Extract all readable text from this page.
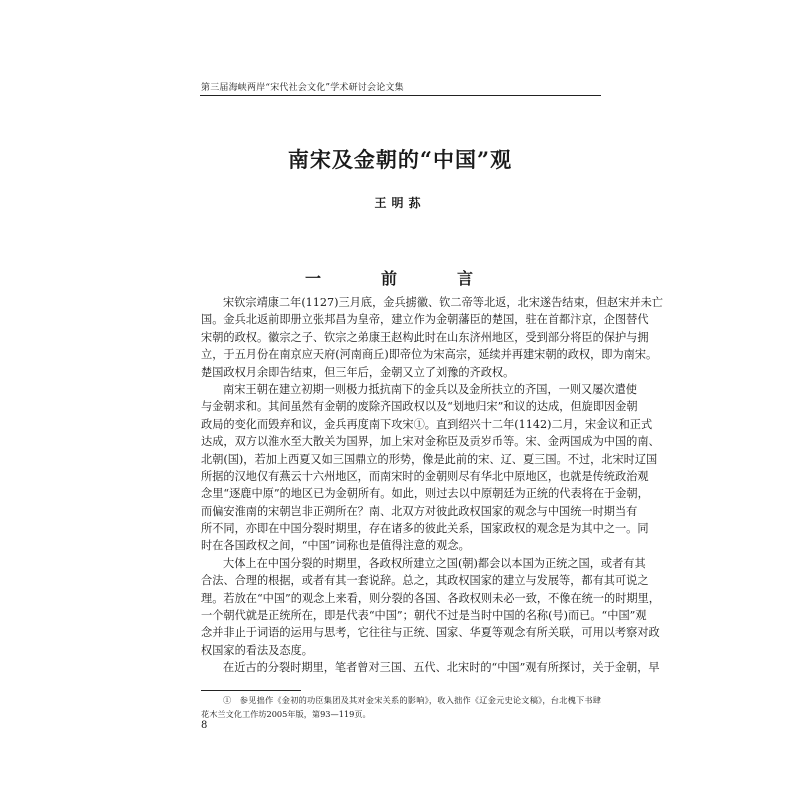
第三届海峡两岸“宋代社会文化”学术研讨会论文集
南宋及金朝的“中国”观
王明荪
一　前　言
宋钦宗靖康二年(1127)三月底，金兵掳徽、钦二帝等北返，北宋遂告结束，但赵宋并未亡
国。金兵北返前即册立张邦昌为皇帝，建立作为金朝藩臣的楚国，驻在首都汴京，企图替代
宋朝的政权。徽宗之子、钦宗之弟康王赵构此时在山东济州地区，受到部分将臣的保护与拥
立，于五月份在南京应天府(河南商丘)即帝位为宋高宗，延续并再建宋朝的政权，即为南宋。
楚国政权月余即告结束，但三年后，金朝又立了刘豫的齐政权。
南宋王朝在建立初期一则极力抵抗南下的金兵以及金所扶立的齐国，一则又屡次遣使
与金朝求和。其间虽然有金朝的废除齐国政权以及“划地归宋”和议的达成，但旋即因金朝
政局的变化而毁弃和议，金兵再度南下攻宋①。直到绍兴十二年(1142)二月，宋金议和正式
达成，双方以淮水至大散关为国界，加上宋对金称臣及贡岁币等。宋、金两国成为中国的南、
北朝(国)，若加上西夏又如三国鼎立的形势，像是此前的宋、辽、夏三国。不过，北宋时辽国
所据的汉地仅有燕云十六州地区，而南宋时的金朝则尽有华北中原地区，也就是传统政治观
念里“逐鹿中原”的地区已为金朝所有。如此，则过去以中原朝廷为正统的代表将在于金朝，
而偏安淮南的宋朝岂非正朔所在？南、北双方对彼此政权国家的观念与中国统一时期当有
所不同，亦即在中国分裂时期里，存在诸多的彼此关系，国家政权的观念是为其中之一。同
时在各国政权之间，“中国”词称也是值得注意的观念。
大体上在中国分裂的时期里，各政权所建立之国(朝)都会以本国为正统之国，或者有其
合法、合理的根据，或者有其一套说辞。总之，其政权国家的建立与发展等，都有其可说之
理。若放在“中国”的观念上来看，则分裂的各国、各政权则未必一致，不像在统一的时期里，
一个朝代就是正统所在，即是代表“中国”；朝代不过是当时中国的名称(号)而已。“中国”观
念并非止于词语的运用与思考，它往往与正统、国家、华夏等观念有所关联，可用以考察对政
权国家的看法及态度。
在近古的分裂时期里，笔者曾对三国、五代、北宋时的“中国”观有所探讨，关于金朝，早
①　参见拙作《金初的功臣集团及其对金宋关系的影响》，收入拙作《辽金元史论文稿》，台北槐下书肆
花木兰文化工作坊2005年版，第93—119页。
8
